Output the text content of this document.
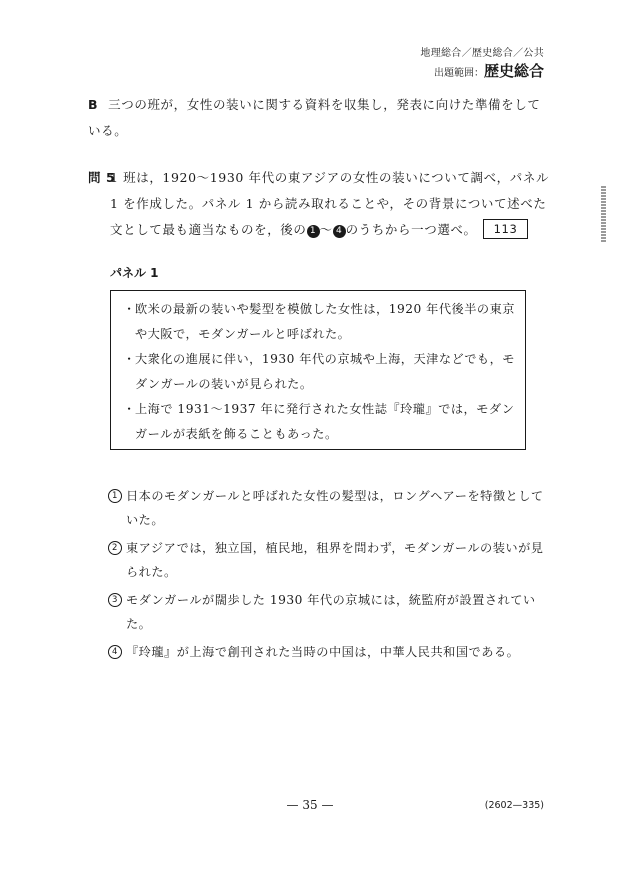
地理総合／歴史総合／公共
出題範囲：歴史総合
B 三つの班が，女性の装いに関する資料を収集し，発表に向けた準備をしている。
問 5
1 班は，1920～1930 年代の東アジアの女性の装いについて調べ，パネル 1 を作成した。パネル 1 から読み取れることや，その背景について述べた文として最も適当なものを，後の 1 ～ 4 のうちから一つ選べ。 113
パネル 1
・ 欧米の最新の装いや髪型を模倣した女性は，1920 年代後半の東京や大阪で，モダンガールと呼ばれた。
・ 大衆化の進展に伴い，1930 年代の京城や上海，天津などでも，モダンガールの装いが見られた。
・ 上海で 1931～1937 年に発行された女性誌『玲瓏』では，モダンガールが表紙を飾ることもあった。
1 日本のモダンガールと呼ばれた女性の髪型は，ロングヘアーを特徴としていた。
2 東アジアでは，独立国，植民地，租界を問わず，モダンガールの装いが見られた。
3 モダンガールが闊歩した 1930 年代の京城には，統監府が設置されていた。
4 『玲瓏』が上海で創刊された当時の中国は，中華人民共和国である。
— 35 —	(2602—335)
